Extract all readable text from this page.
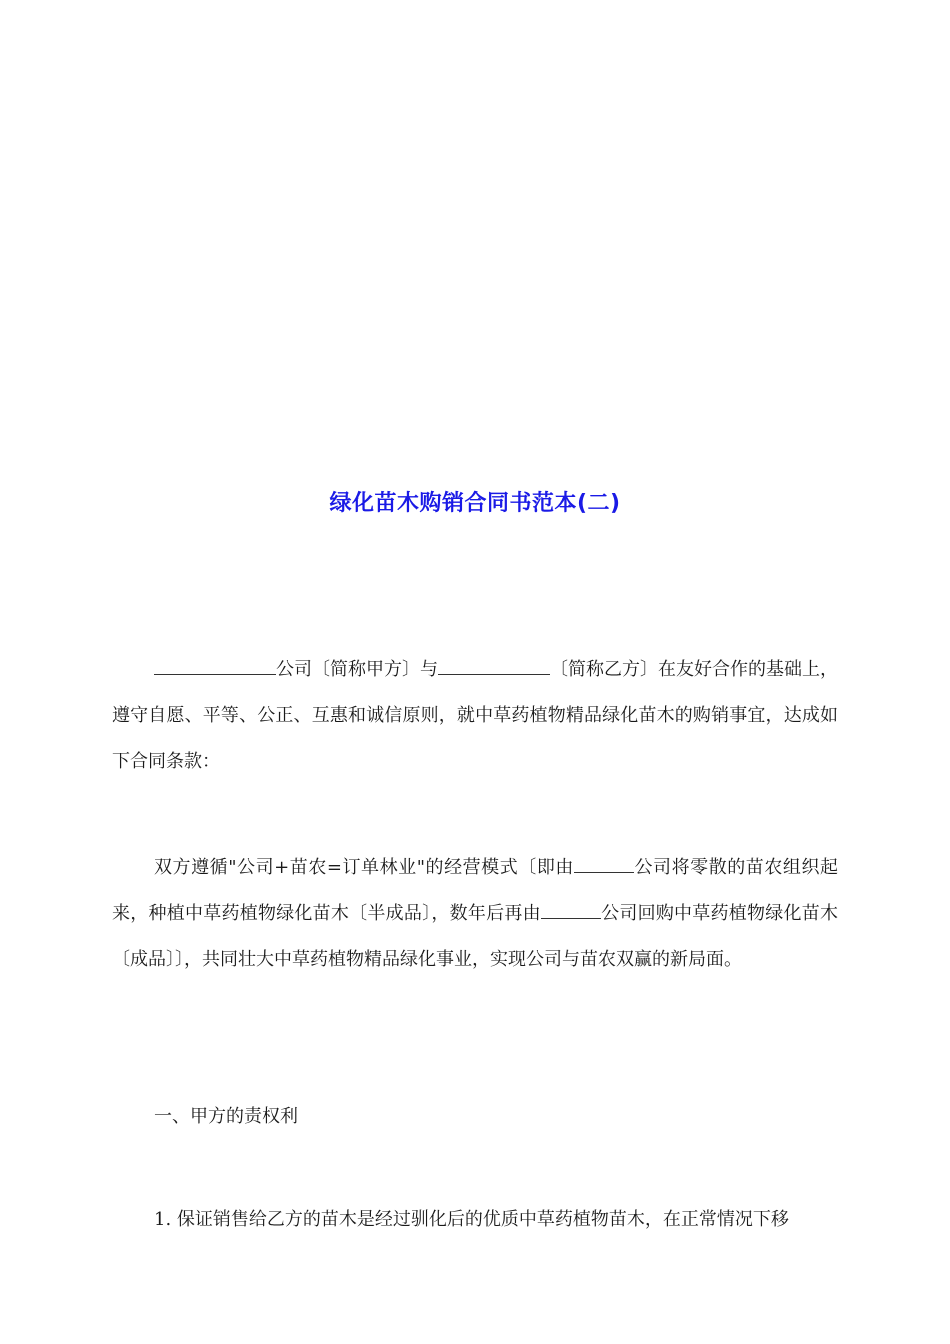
绿化苗木购销合同书范本(二)

公司〔简称甲方〕与	〔简称乙方〕在友好合作的基础上，遵守自愿、平等、公正、互惠和诚信原则，就中草药植物精品绿化苗木的购销事宜，达成如下合同条款：

双方遵循"公司+苗农=订单林业"的经营模式〔即由	公司将零散的苗农组织起来，种植中草药植物绿化苗木〔半成品〕，数年后再由	公司回购中草药植物绿化苗木〔成品〕〕，共同壮大中草药植物精品绿化事业，实现公司与苗农双赢的新局面。

一、甲方的责权利

1. 保证销售给乙方的苗木是经过驯化后的优质中草药植物苗木，在正常情况下移
